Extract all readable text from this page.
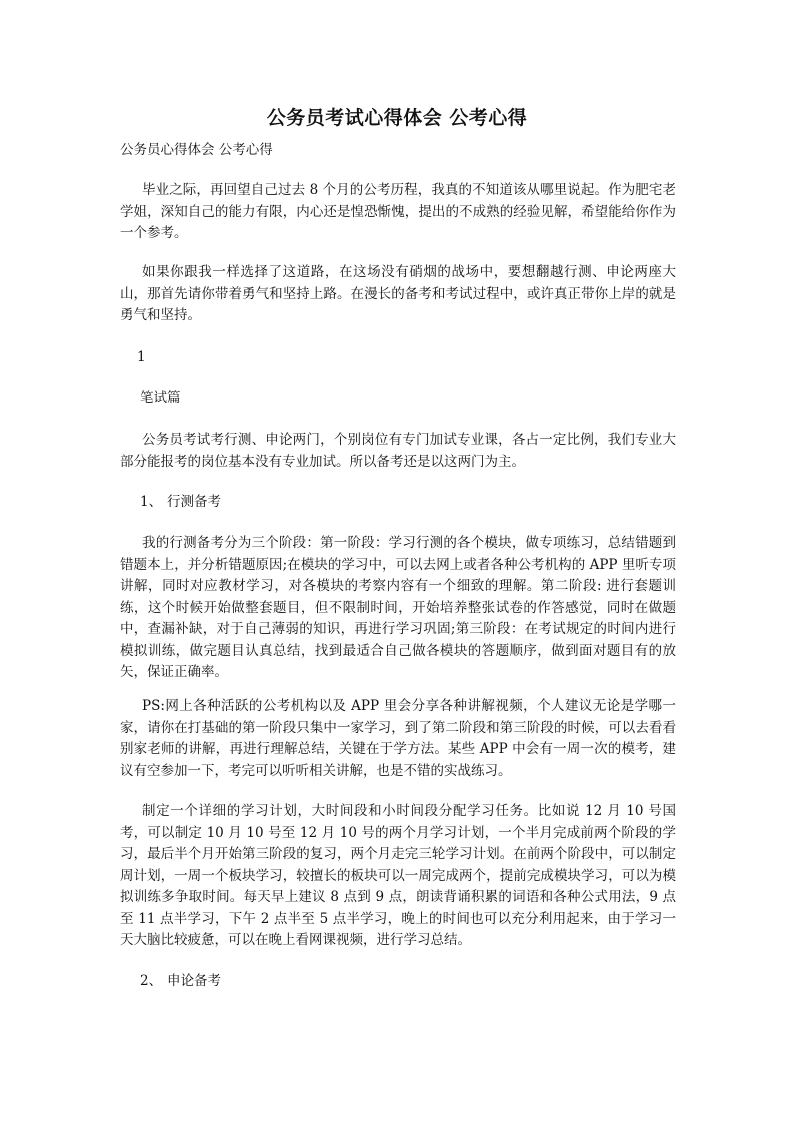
公务员考试心得体会 公考心得
公务员心得体会 公考心得
毕业之际，再回望自己过去 8 个月的公考历程，我真的不知道该从哪里说起。作为肥宅老学姐，深知自己的能力有限，内心还是惶恐惭愧，提出的不成熟的经验见解，希望能给你作为一个参考。
如果你跟我一样选择了这道路，在这场没有硝烟的战场中，要想翻越行测、申论两座大山，那首先请你带着勇气和坚持上路。在漫长的备考和考试过程中，或许真正带你上岸的就是勇气和坚持。
1
笔试篇
公务员考试考行测、申论两门，个别岗位有专门加试专业课，各占一定比例，我们专业大部分能报考的岗位基本没有专业加试。所以备考还是以这两门为主。
1、 行测备考
我的行测备考分为三个阶段：第一阶段：学习行测的各个模块，做专项练习，总结错题到错题本上，并分析错题原因;在模块的学习中，可以去网上或者各种公考机构的 APP 里听专项讲解，同时对应教材学习，对各模块的考察内容有一个细致的理解。第二阶段: 进行套题训练，这个时候开始做整套题目，但不限制时间，开始培养整张试卷的作答感觉，同时在做题中，查漏补缺，对于自己薄弱的知识，再进行学习巩固;第三阶段：在考试规定的时间内进行模拟训练，做完题目认真总结，找到最适合自己做各模块的答题顺序，做到面对题目有的放矢，保证正确率。
PS:网上各种活跃的公考机构以及 APP 里会分享各种讲解视频，个人建议无论是学哪一家，请你在打基础的第一阶段只集中一家学习，到了第二阶段和第三阶段的时候，可以去看看别家老师的讲解，再进行理解总结，关键在于学方法。某些 APP 中会有一周一次的模考，建议有空参加一下，考完可以听听相关讲解，也是不错的实战练习。
制定一个详细的学习计划，大时间段和小时间段分配学习任务。比如说 12 月 10 号国考，可以制定 10 月 10 号至 12 月 10 号的两个月学习计划，一个半月完成前两个阶段的学习，最后半个月开始第三阶段的复习，两个月走完三轮学习计划。在前两个阶段中，可以制定周计划，一周一个板块学习，较擅长的板块可以一周完成两个，提前完成模块学习，可以为模拟训练多争取时间。每天早上建议 8 点到 9 点，朗读背诵积累的词语和各种公式用法，9 点至 11 点半学习，下午 2 点半至 5 点半学习，晚上的时间也可以充分利用起来，由于学习一天大脑比较疲惫，可以在晚上看网课视频，进行学习总结。
2、 申论备考
